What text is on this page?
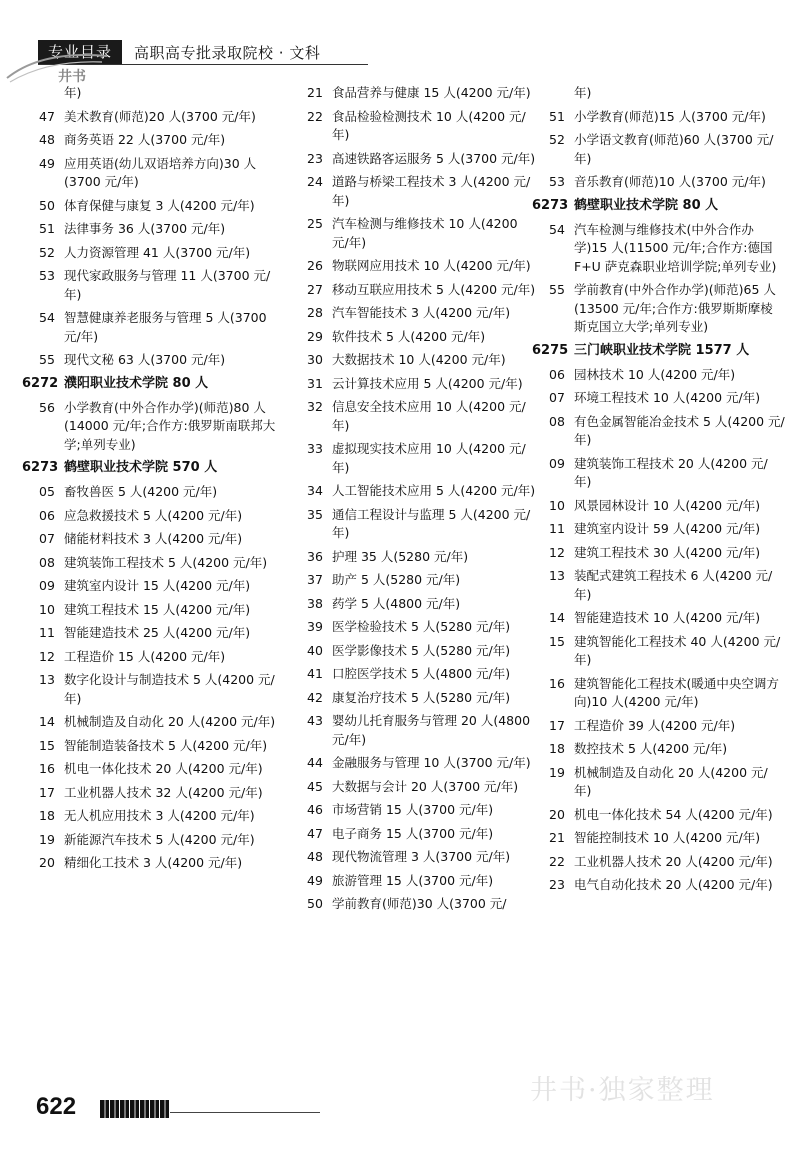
专业目录	高职高专批录取院校 · 文科
井书
年)
47 美术教育(师范)20 人(3700 元/年)
48 商务英语 22 人(3700 元/年)
49 应用英语(幼儿双语培养方向)30 人(3700 元/年)
50 体育保健与康复 3 人(4200 元/年)
51 法律事务 36 人(3700 元/年)
52 人力资源管理 41 人(3700 元/年)
53 现代家政服务与管理 11 人(3700 元/年)
54 智慧健康养老服务与管理 5 人(3700 元/年)
55 现代文秘 63 人(3700 元/年)
6272 濮阳职业技术学院 80 人
56 小学教育(中外合作办学)(师范)80 人(14000 元/年;合作方:俄罗斯南联邦大学;单列专业)
6273 鹤壁职业技术学院 570 人
05 畜牧兽医 5 人(4200 元/年)
06 应急救援技术 5 人(4200 元/年)
07 储能材料技术 3 人(4200 元/年)
08 建筑装饰工程技术 5 人(4200 元/年)
09 建筑室内设计 15 人(4200 元/年)
10 建筑工程技术 15 人(4200 元/年)
11 智能建造技术 25 人(4200 元/年)
12 工程造价 15 人(4200 元/年)
13 数字化设计与制造技术 5 人(4200 元/年)
14 机械制造及自动化 20 人(4200 元/年)
15 智能制造装备技术 5 人(4200 元/年)
16 机电一体化技术 20 人(4200 元/年)
17 工业机器人技术 32 人(4200 元/年)
18 无人机应用技术 3 人(4200 元/年)
19 新能源汽车技术 5 人(4200 元/年)
20 精细化工技术 3 人(4200 元/年)
21 食品营养与健康 15 人(4200 元/年)
22 食品检验检测技术 10 人(4200 元/年)
23 高速铁路客运服务 5 人(3700 元/年)
24 道路与桥梁工程技术 3 人(4200 元/年)
25 汽车检测与维修技术 10 人(4200 元/年)
26 物联网应用技术 10 人(4200 元/年)
27 移动互联应用技术 5 人(4200 元/年)
28 汽车智能技术 3 人(4200 元/年)
29 软件技术 5 人(4200 元/年)
30 大数据技术 10 人(4200 元/年)
31 云计算技术应用 5 人(4200 元/年)
32 信息安全技术应用 10 人(4200 元/年)
33 虚拟现实技术应用 10 人(4200 元/年)
34 人工智能技术应用 5 人(4200 元/年)
35 通信工程设计与监理 5 人(4200 元/年)
36 护理 35 人(5280 元/年)
37 助产 5 人(5280 元/年)
38 药学 5 人(4800 元/年)
39 医学检验技术 5 人(5280 元/年)
40 医学影像技术 5 人(5280 元/年)
41 口腔医学技术 5 人(4800 元/年)
42 康复治疗技术 5 人(5280 元/年)
43 婴幼儿托育服务与管理 20 人(4800 元/年)
44 金融服务与管理 10 人(3700 元/年)
45 大数据与会计 20 人(3700 元/年)
46 市场营销 15 人(3700 元/年)
47 电子商务 15 人(3700 元/年)
48 现代物流管理 3 人(3700 元/年)
49 旅游管理 15 人(3700 元/年)
50 学前教育(师范)30 人(3700 元/
年)
51 小学教育(师范)15 人(3700 元/年)
52 小学语文教育(师范)60 人(3700 元/年)
53 音乐教育(师范)10 人(3700 元/年)
6273 鹤壁职业技术学院 80 人
54 汽车检测与维修技术(中外合作办学)15 人(11500 元/年;合作方:德国 F+U 萨克森职业培训学院;单列专业)
55 学前教育(中外合作办学)(师范)65 人(13500 元/年;合作方:俄罗斯斯摩棱斯克国立大学;单列专业)
6275 三门峡职业技术学院 1577 人
06 园林技术 10 人(4200 元/年)
07 环境工程技术 10 人(4200 元/年)
08 有色金属智能冶金技术 5 人(4200 元/年)
09 建筑装饰工程技术 20 人(4200 元/年)
10 风景园林设计 10 人(4200 元/年)
11 建筑室内设计 59 人(4200 元/年)
12 建筑工程技术 30 人(4200 元/年)
13 装配式建筑工程技术 6 人(4200 元/年)
14 智能建造技术 10 人(4200 元/年)
15 建筑智能化工程技术 40 人(4200 元/年)
16 建筑智能化工程技术(暖通中央空调方向)10 人(4200 元/年)
17 工程造价 39 人(4200 元/年)
18 数控技术 5 人(4200 元/年)
19 机械制造及自动化 20 人(4200 元/年)
20 机电一体化技术 54 人(4200 元/年)
21 智能控制技术 10 人(4200 元/年)
22 工业机器人技术 20 人(4200 元/年)
23 电气自动化技术 20 人(4200 元/年)
井书·独家整理
622
